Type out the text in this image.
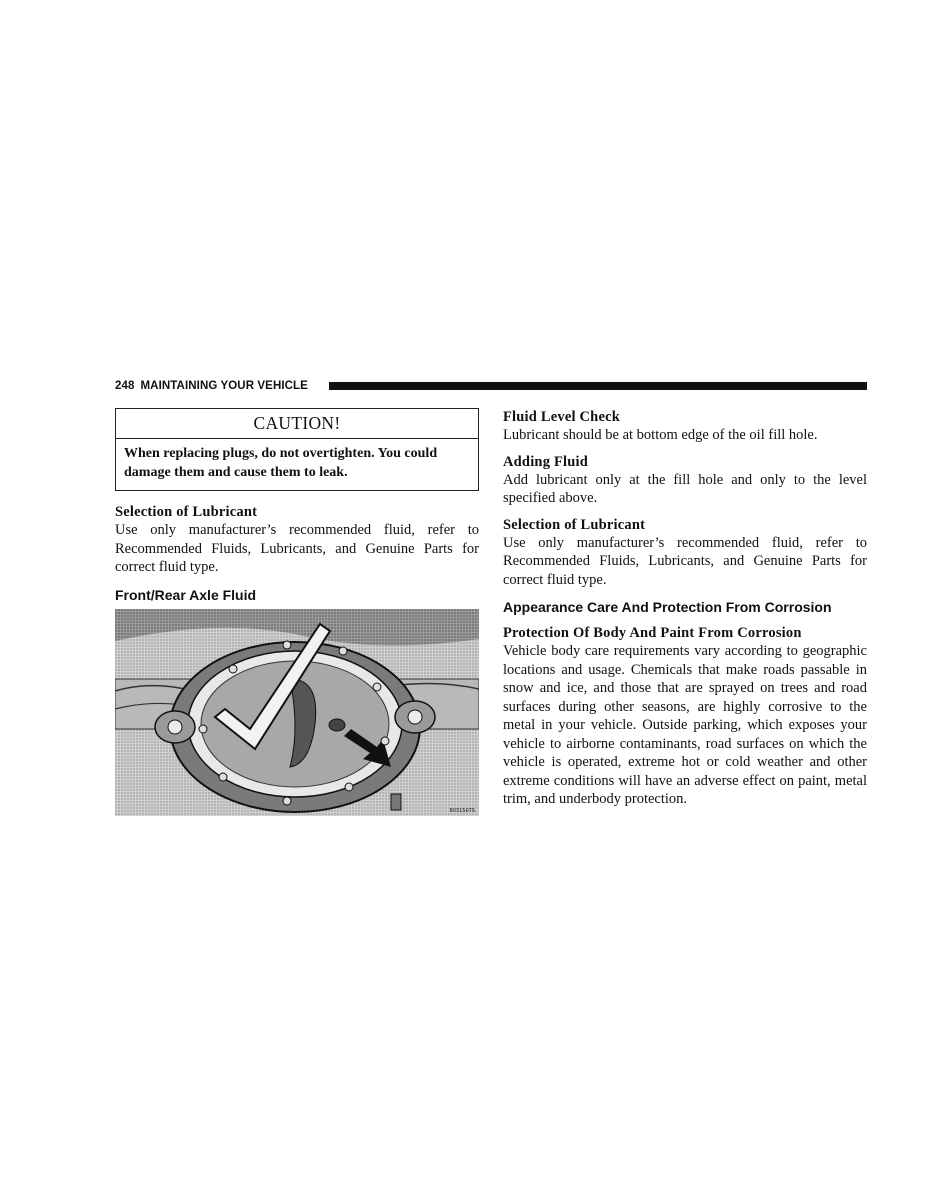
248 MAINTAINING YOUR VEHICLE
CAUTION!
When replacing plugs, do not overtighten. You could damage them and cause them to leak.

Selection of Lubricant

Use only manufacturer’s recommended fluid, refer to Recommended Fluids, Lubricants, and Genuine Parts for correct fluid type.

Front/Rear Axle Fluid

80315075

Fluid Level Check

Lubricant should be at bottom edge of the oil fill hole.

Adding Fluid

Add lubricant only at the fill hole and only to the level specified above.

Selection of Lubricant

Use only manufacturer’s recommended fluid, refer to Recommended Fluids, Lubricants, and Genuine Parts for correct fluid type.

Appearance Care And Protection From Corrosion

Protection Of Body And Paint From Corrosion

Vehicle body care requirements vary according to geographic locations and usage. Chemicals that make roads passable in snow and ice, and those that are sprayed on trees and road surfaces during other seasons, are highly corrosive to the metal in your vehicle. Outside parking, which exposes your vehicle to airborne contaminants, road surfaces on which the vehicle is operated, extreme hot or cold weather and other extreme conditions will have an adverse effect on paint, metal trim, and underbody protection.
